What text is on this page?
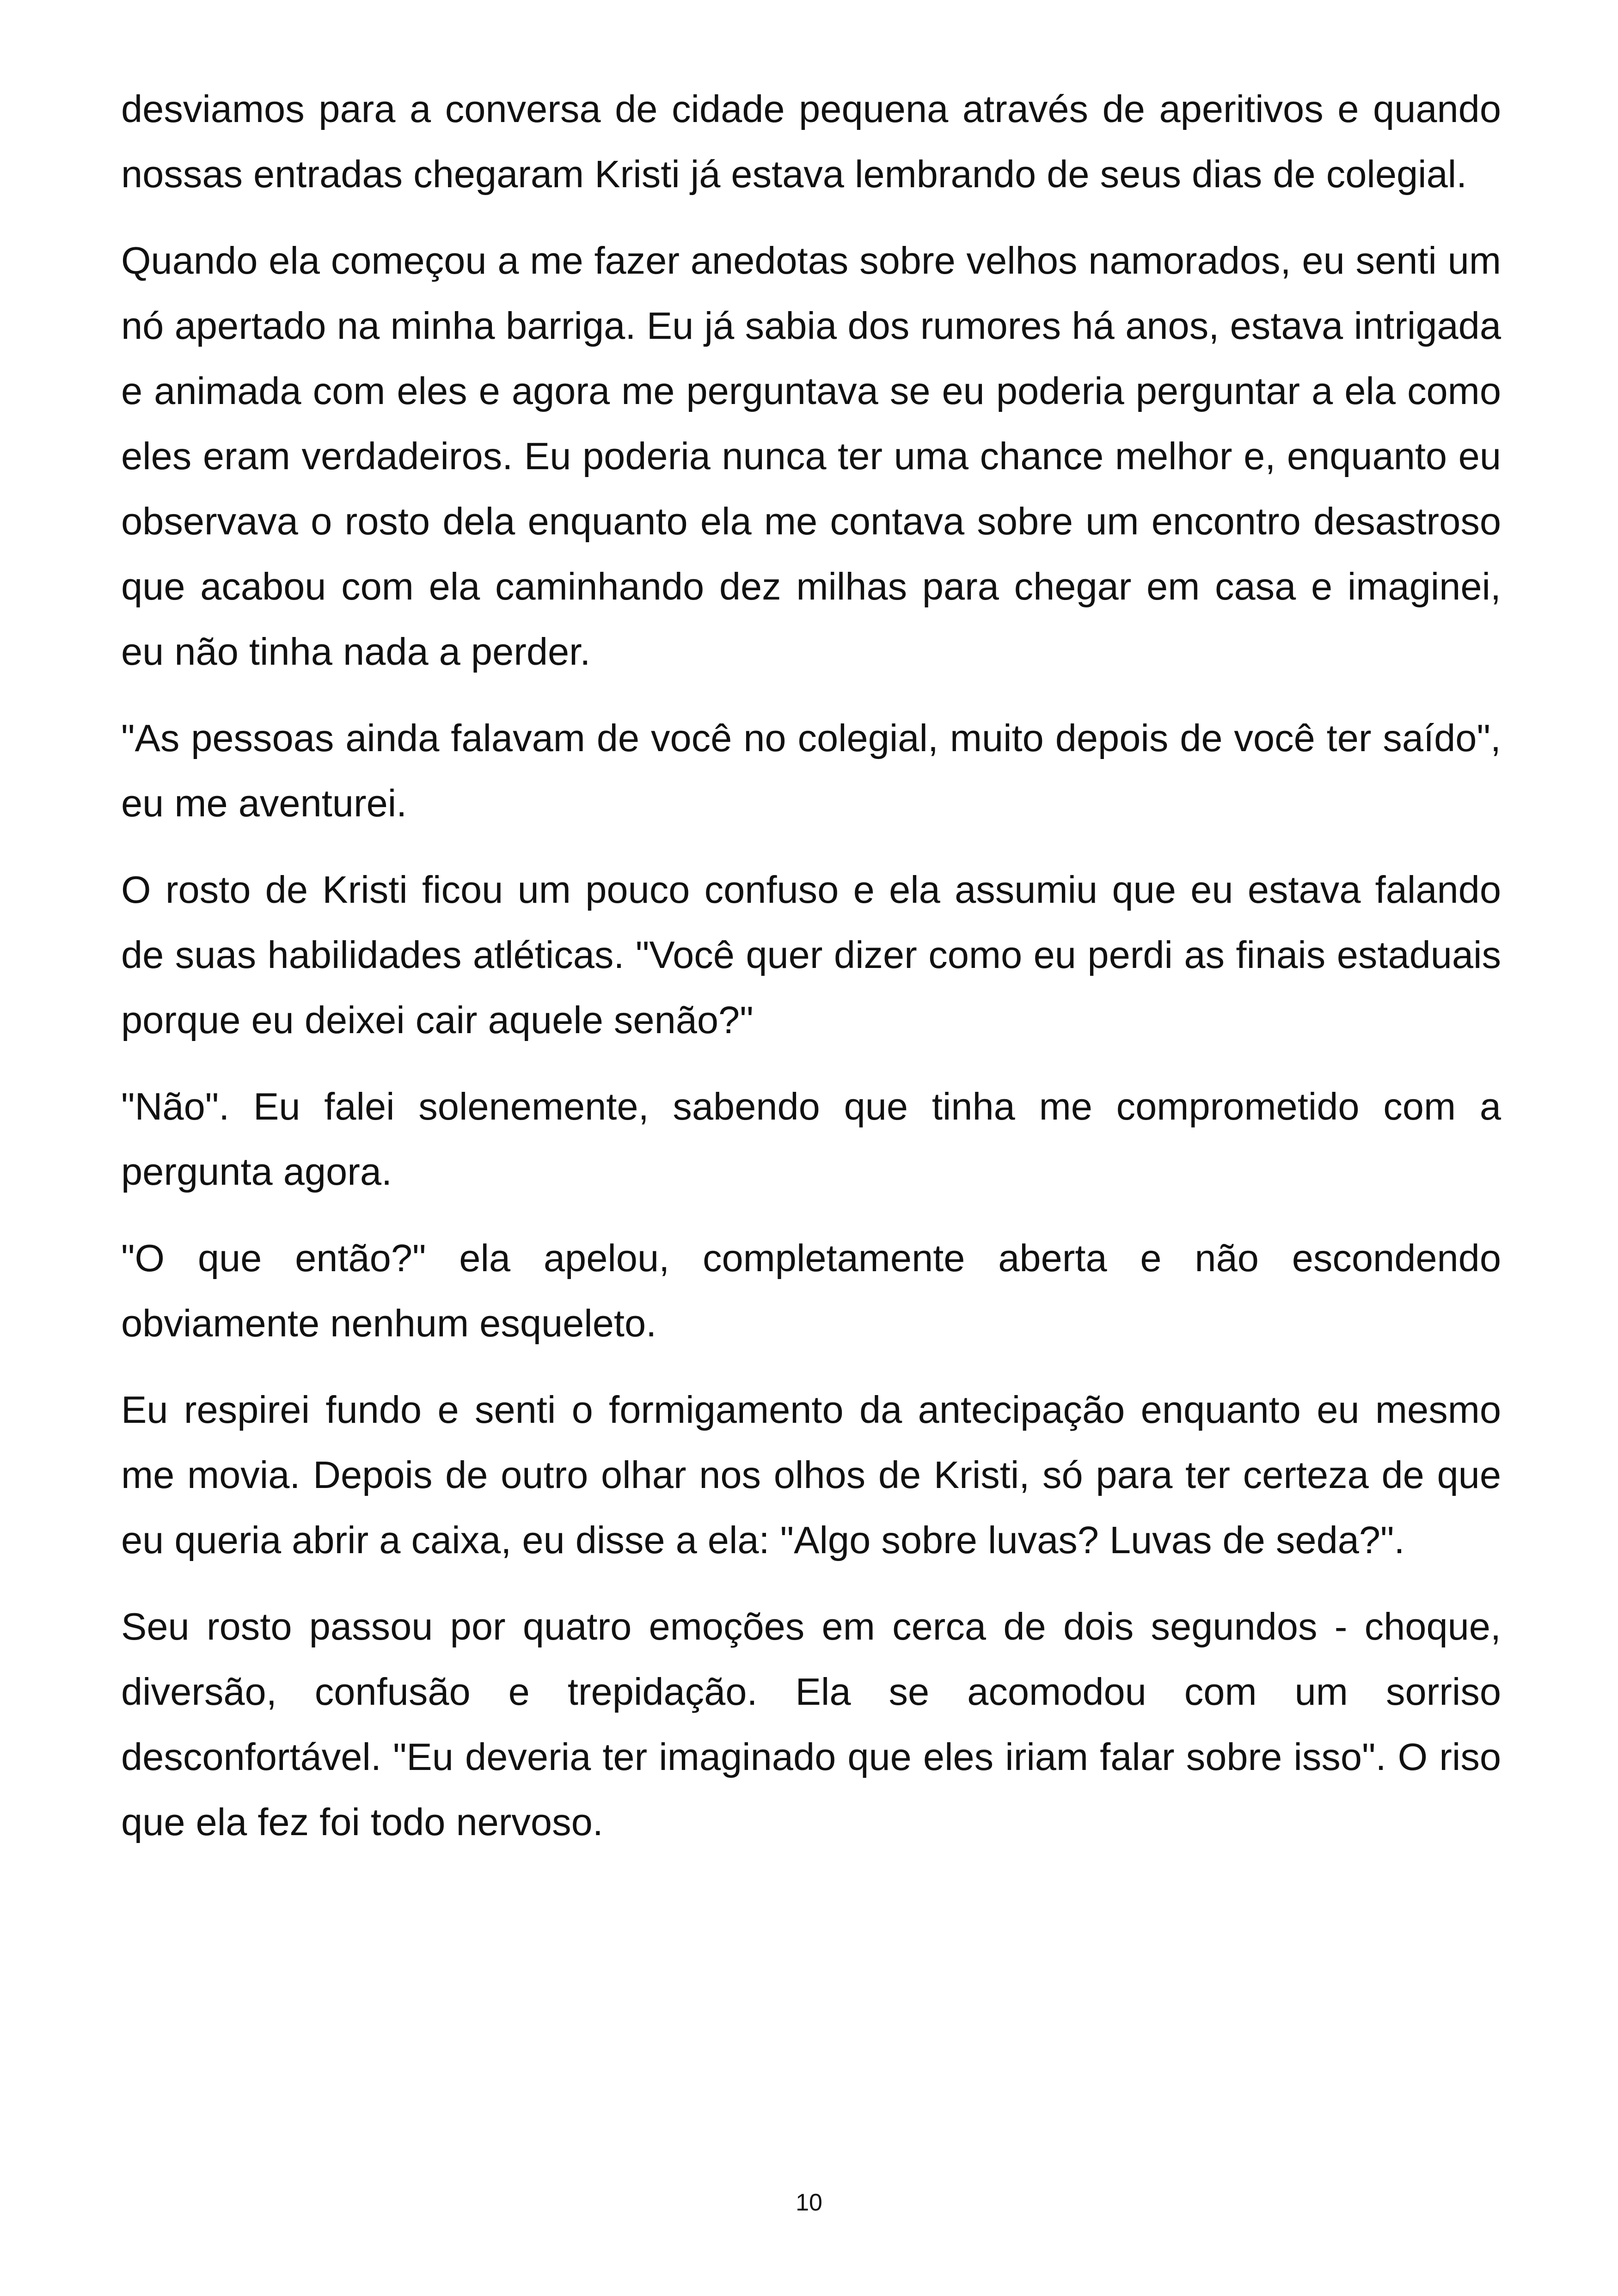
desviamos para a conversa de cidade pequena através de aperitivos e quando nossas entradas chegaram Kristi já estava lembrando de seus dias de colegial.

Quando ela começou a me fazer anedotas sobre velhos namorados, eu senti um nó apertado na minha barriga. Eu já sabia dos rumores há anos, estava intrigada e animada com eles e agora me perguntava se eu poderia perguntar a ela como eles eram verdadeiros. Eu poderia nunca ter uma chance melhor e, enquanto eu observava o rosto dela enquanto ela me contava sobre um encontro desastroso que acabou com ela caminhando dez milhas para chegar em casa e imaginei, eu não tinha nada a perder.

"As pessoas ainda falavam de você no colegial, muito depois de você ter saído", eu me aventurei.

O rosto de Kristi ficou um pouco confuso e ela assumiu que eu estava falando de suas habilidades atléticas. "Você quer dizer como eu perdi as finais estaduais porque eu deixei cair aquele senão?"

"Não". Eu falei solenemente, sabendo que tinha me comprometido com a pergunta agora.

"O que então?" ela apelou, completamente aberta e não escondendo obviamente nenhum esqueleto.

Eu respirei fundo e senti o formigamento da antecipação enquanto eu mesmo me movia. Depois de outro olhar nos olhos de Kristi, só para ter certeza de que eu queria abrir a caixa, eu disse a ela: "Algo sobre luvas? Luvas de seda?".

Seu rosto passou por quatro emoções em cerca de dois segundos - choque, diversão, confusão e trepidação. Ela se acomodou com um sorriso desconfortável. "Eu deveria ter imaginado que eles iriam falar sobre isso". O riso que ela fez foi todo nervoso.

10
